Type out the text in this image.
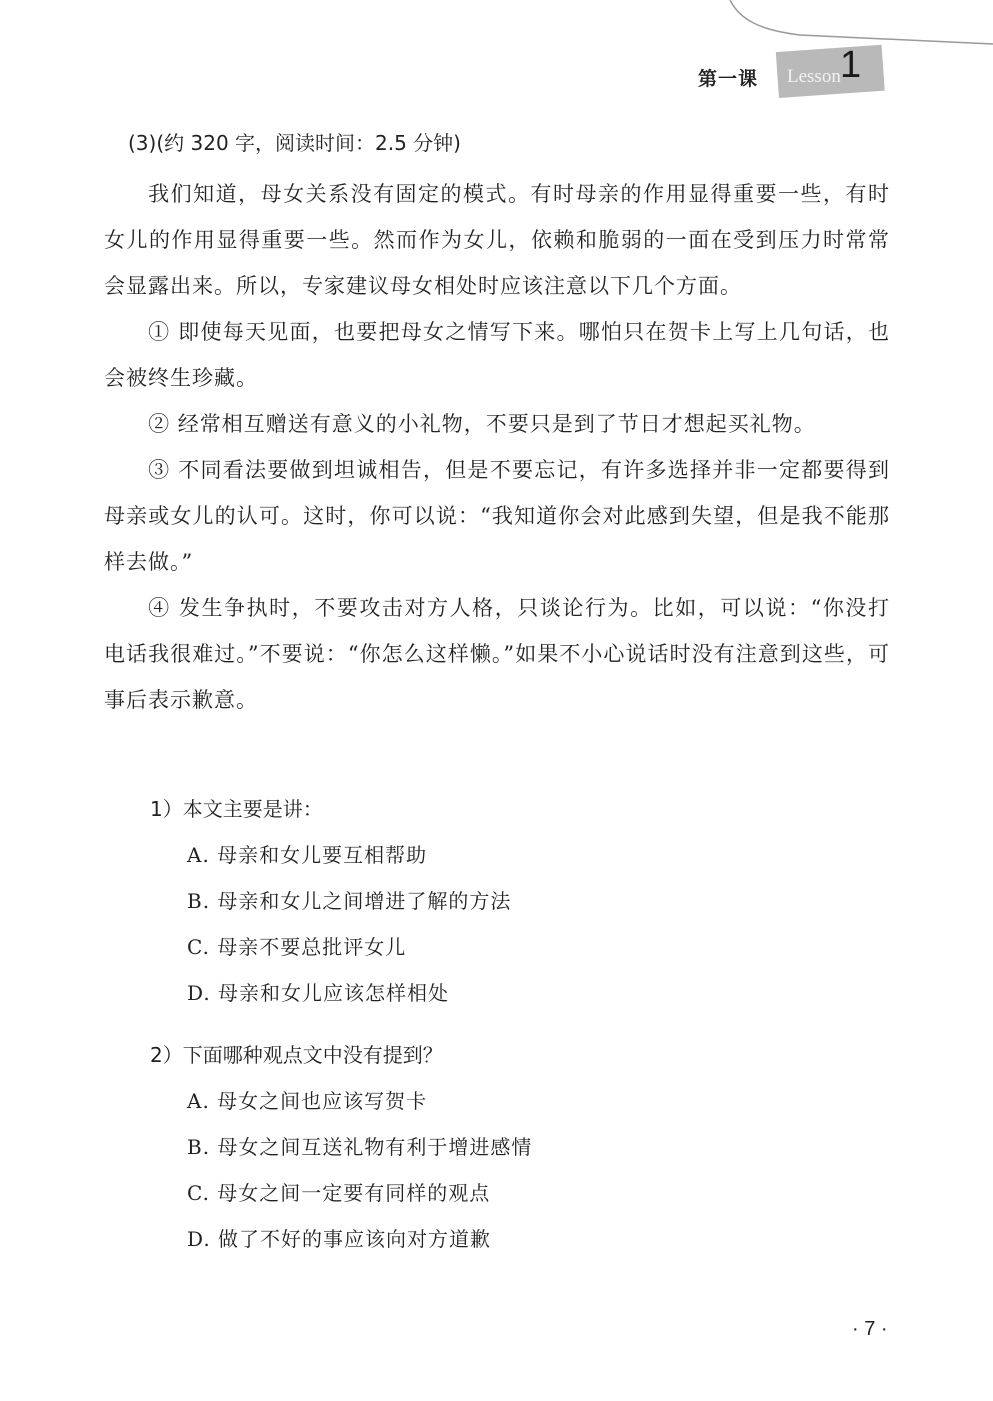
第一课 Lesson 1
(3)(约 320 字，阅读时间：2.5 分钟)

我们知道，母女关系没有固定的模式。有时母亲的作用显得重要一些，有时女儿的作用显得重要一些。然而作为女儿，依赖和脆弱的一面在受到压力时常常会显露出来。所以，专家建议母女相处时应该注意以下几个方面。

① 即使每天见面，也要把母女之情写下来。哪怕只在贺卡上写上几句话，也会被终生珍藏。

② 经常相互赠送有意义的小礼物，不要只是到了节日才想起买礼物。

③ 不同看法要做到坦诚相告，但是不要忘记，有许多选择并非一定都要得到母亲或女儿的认可。这时，你可以说：“我知道你会对此感到失望，但是我不能那样去做。”

④ 发生争执时，不要攻击对方人格，只谈论行为。比如，可以说：“你没打电话我很难过。”不要说：“你怎么这样懒。”如果不小心说话时没有注意到这些，可事后表示歉意。

1）本文主要是讲：
A. 母亲和女儿要互相帮助
B. 母亲和女儿之间增进了解的方法
C. 母亲不要总批评女儿
D. 母亲和女儿应该怎样相处
2）下面哪种观点文中没有提到？
A. 母女之间也应该写贺卡
B. 母女之间互送礼物有利于增进感情
C. 母女之间一定要有同样的观点
D. 做了不好的事应该向对方道歉
· 7 ·
